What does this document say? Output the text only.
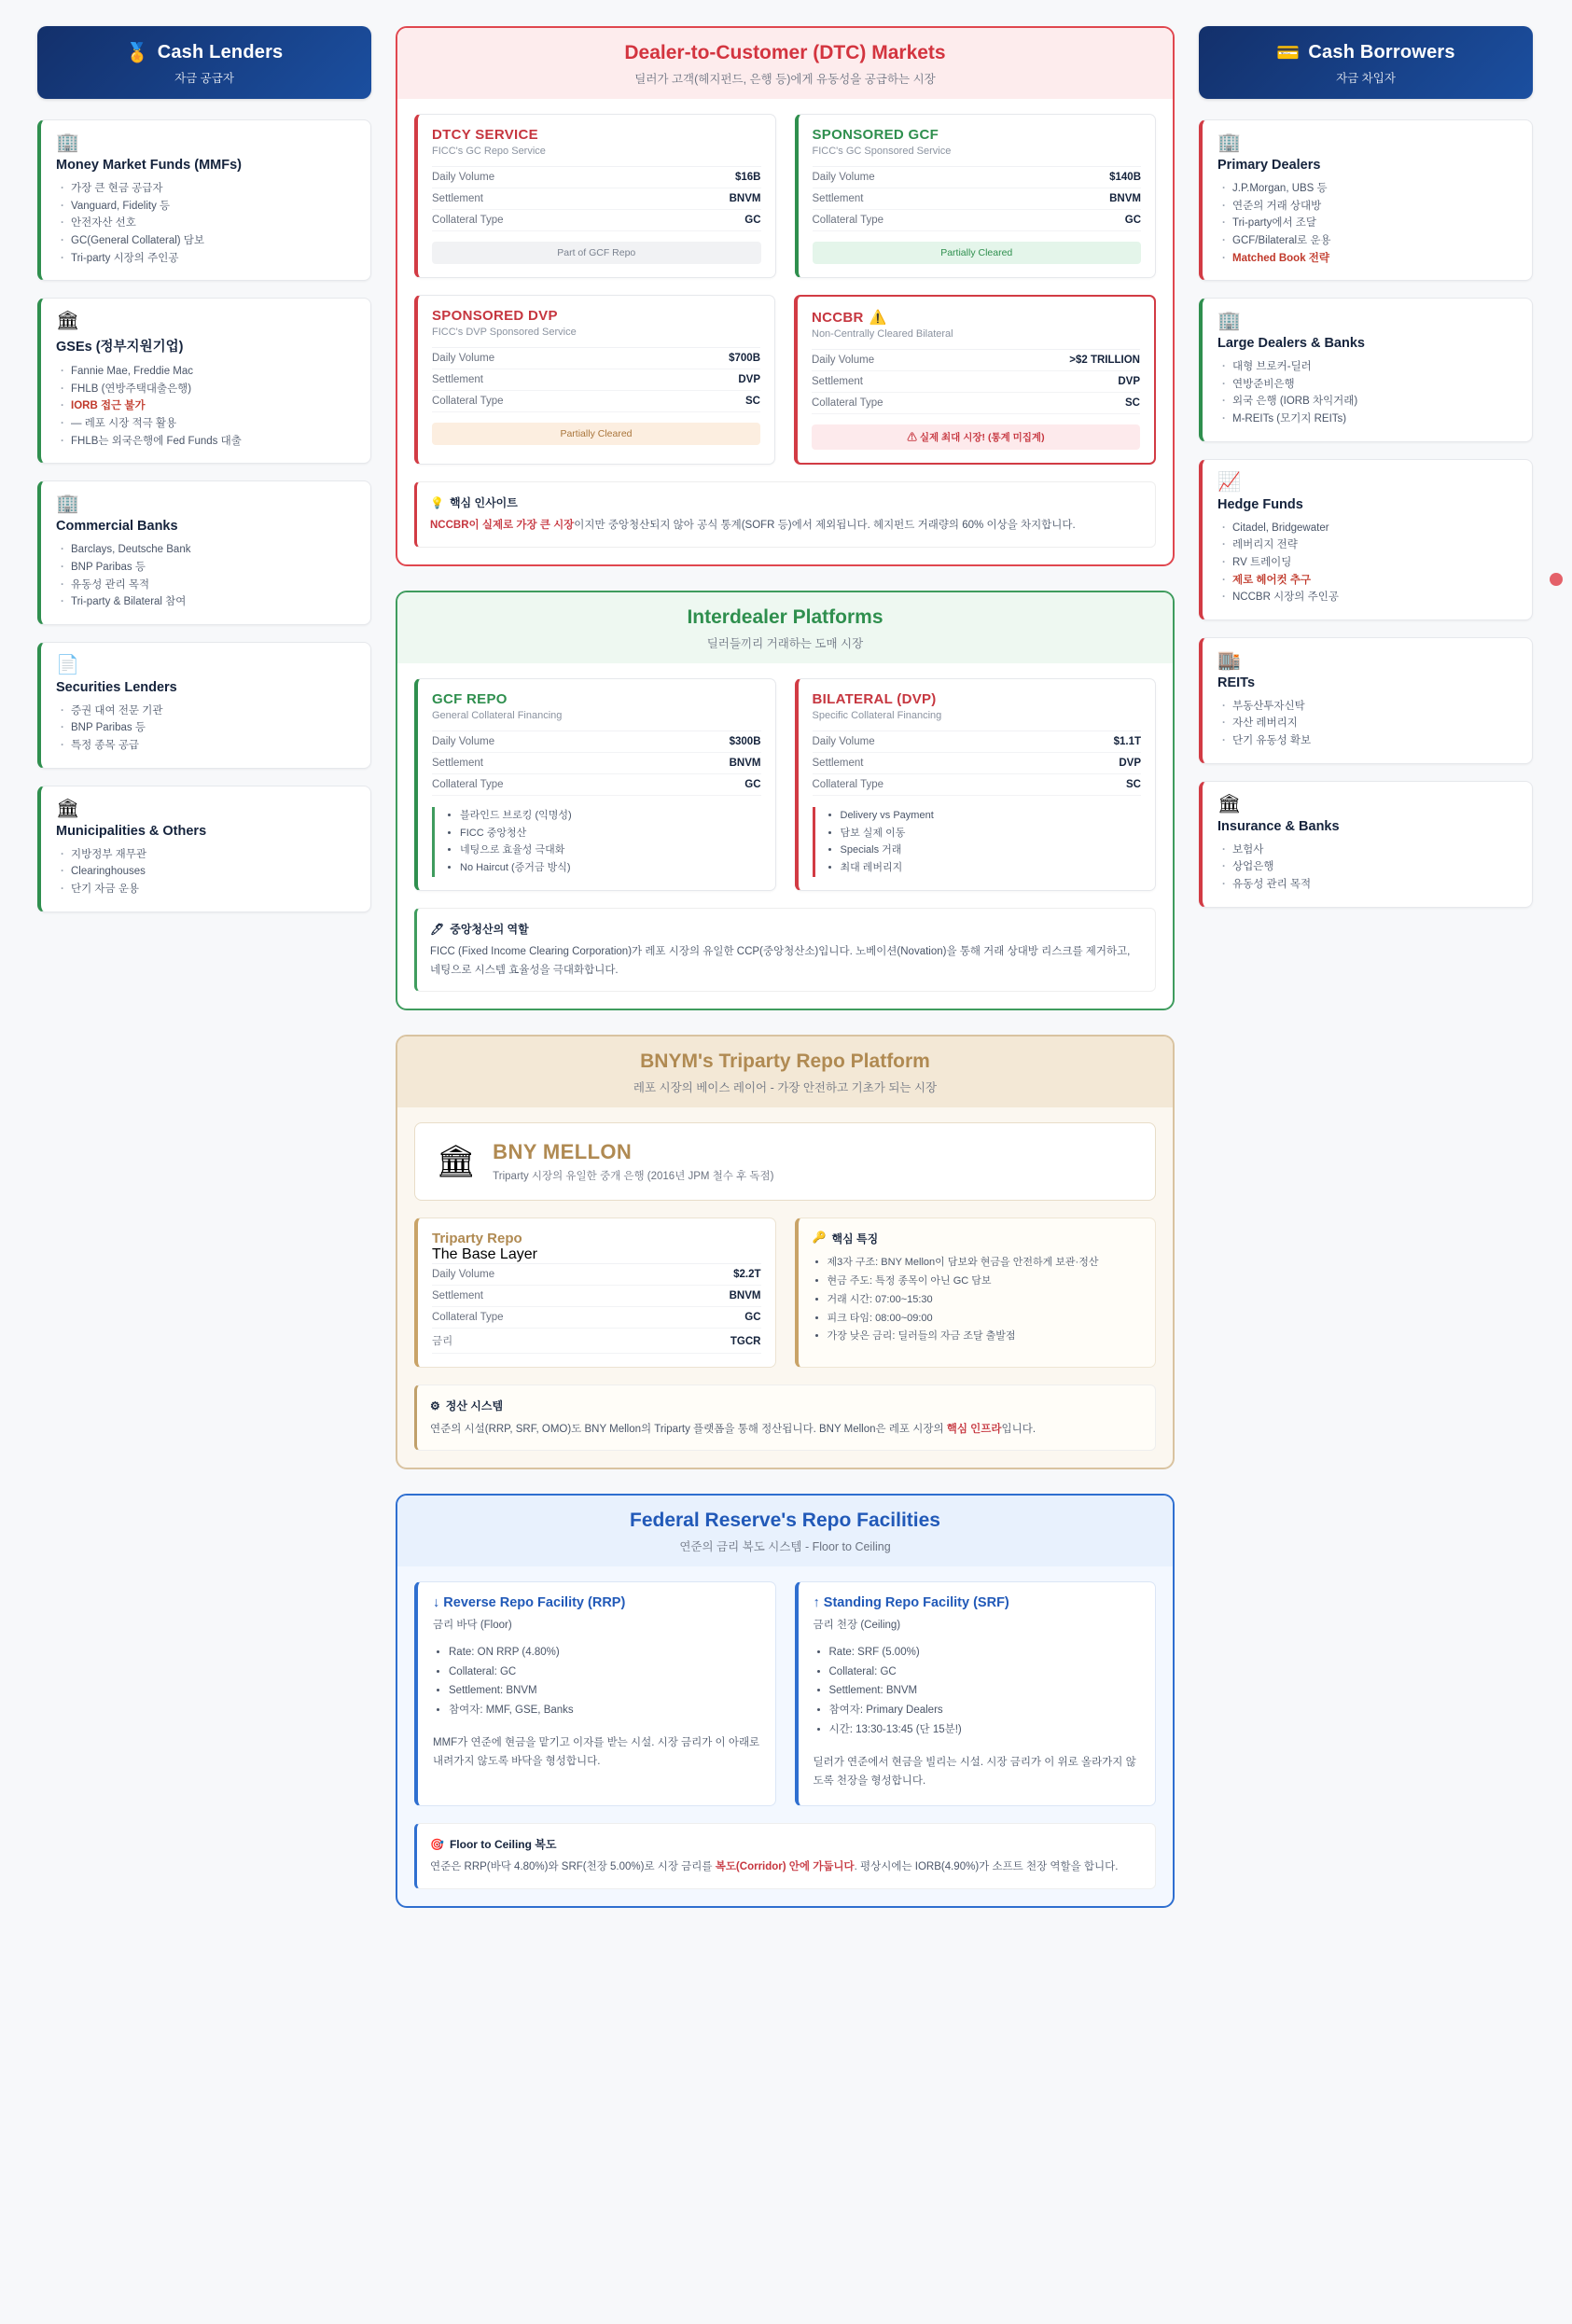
🏅 Cash Lenders
자금 공급자
🏢
Money Market Funds (MMFs)
· 가장 큰 현금 공급자
· Vanguard, Fidelity 등
· 안전자산 선호
· GC(General Collateral) 담보
· Tri-party 시장의 주인공
🏛
GSEs (정부지원기업)
· Fannie Mae, Freddie Mac
· FHLB (연방주택대출은행)
· IORB 접근 불가
· — 레포 시장 적극 활용
· FHLB는 외국은행에 Fed Funds 대출
🏢
Commercial Banks
· Barclays, Deutsche Bank
· BNP Paribas 등
· 유동성 관리 목적
· Tri-party & Bilateral 참여
📄
Securities Lenders
· 증권 대여 전문 기관
· BNP Paribas 등
· 특정 종목 공급
🏛
Municipalities & Others
· 지방정부 재무관
· Clearinghouses
· 단기 자금 운용
Dealer-to-Customer (DTC) Markets
딜러가 고객(헤지펀드, 은행 등)에게 유동성을 공급하는 시장
DTCY SERVICE
FICC's GC Repo Service
Daily Volume	$16B
Settlement	BNVM
Collateral Type	GC
Part of GCF Repo
SPONSORED GCF
FICC's GC Sponsored Service
Daily Volume	$140B
Settlement	BNVM
Collateral Type	GC
Partially Cleared
SPONSORED DVP
FICC's DVP Sponsored Service
Daily Volume	$700B
Settlement	DVP
Collateral Type	SC
Partially Cleared
NCCBR ⚠️
Non-Centrally Cleared Bilateral
Daily Volume	>$2 TRILLION
Settlement	DVP
Collateral Type	SC
⚠ 실제 최대 시장! (통계 미집계)
💡 핵심 인사이트

NCCBR이 실제로 가장 큰 시장이지만 중앙청산되지 않아 공식 통계(SOFR 등)에서 제외됩니다. 헤지펀드 거래량의 60% 이상을 차지합니다.

Interdealer Platforms
딜러들끼리 거래하는 도매 시장
GCF REPO
General Collateral Financing
Daily Volume	$300B
Settlement	BNVM
Collateral Type	GC
• 블라인드 브로킹 (익명성)
• FICC 중앙청산
• 네팅으로 효율성 극대화
• No Haircut (증거금 방식)
BILATERAL (DVP)
Specific Collateral Financing
Daily Volume	$1.1T
Settlement	DVP
Collateral Type	SC
• Delivery vs Payment
• 담보 실제 이동
• Specials 거래
• 최대 레버리지
🖊 중앙청산의 역할

FICC (Fixed Income Clearing Corporation)가 레포 시장의 유일한 CCP(중앙청산소)입니다. 노베이션(Novation)을 통해 거래 상대방 리스크를 제거하고, 네팅으로 시스템 효율성을 극대화합니다.

BNYM's Triparty Repo Platform
레포 시장의 베이스 레이어 - 가장 안전하고 기초가 되는 시장
🏛 BNY MELLON
Triparty 시장의 유일한 중개 은행 (2016년 JPM 철수 후 독점)
Triparty Repo
The Base Layer
Daily Volume	$2.2T
Settlement	BNVM
Collateral Type	GC
금리	TGCR
🔑 핵심 특징
• 제3자 구조: BNY Mellon이 담보와 현금을 안전하게 보관·정산
• 현금 주도: 특정 종목이 아닌 GC 담보
• 거래 시간: 07:00~15:30
• 피크 타임: 08:00~09:00
• 가장 낮은 금리: 딜러들의 자금 조달 출발점
⚙ 정산 시스템

연준의 시설(RRP, SRF, OMO)도 BNY Mellon의 Triparty 플랫폼을 통해 정산됩니다. BNY Mellon은 레포 시장의 핵심 인프라입니다.

Federal Reserve's Repo Facilities
연준의 금리 복도 시스템 - Floor to Ceiling
↓ Reverse Repo Facility (RRP)
금리 바닥 (Floor)
• Rate: ON RRP (4.80%)
• Collateral: GC
• Settlement: BNVM
• 참여자: MMF, GSE, Banks

MMF가 연준에 현금을 맡기고 이자를 받는 시설. 시장 금리가 이 아래로 내려가지 않도록 바닥을 형성합니다.

↑ Standing Repo Facility (SRF)
금리 천장 (Ceiling)
• Rate: SRF (5.00%)
• Collateral: GC
• Settlement: BNVM
• 참여자: Primary Dealers
• 시간: 13:30-13:45 (단 15분!)

딜러가 연준에서 현금을 빌리는 시설. 시장 금리가 이 위로 올라가지 않도록 천장을 형성합니다.

🎯 Floor to Ceiling 복도

연준은 RRP(바닥 4.80%)와 SRF(천장 5.00%)로 시장 금리를 복도(Corridor) 안에 가둡니다. 평상시에는 IORB(4.90%)가 소프트 천장 역할을 합니다.

💳 Cash Borrowers
자금 차입자
🏢
Primary Dealers
· J.P.Morgan, UBS 등
· 연준의 거래 상대방
· Tri-party에서 조달
· GCF/Bilateral로 운용
· Matched Book 전략
🏢
Large Dealers & Banks
· 대형 브로커-딜러
· 연방준비은행
· 외국 은행 (IORB 차익거래)
· M-REITs (모기지 REITs)
📈
Hedge Funds
· Citadel, Bridgewater
· 레버리지 전략
· RV 트레이딩
· 제로 헤어컷 추구
· NCCBR 시장의 주인공
🏬
REITs
· 부동산투자신탁
· 자산 레버리지
· 단기 유동성 확보
🏛
Insurance & Banks
· 보험사
· 상업은행
· 유동성 관리 목적
